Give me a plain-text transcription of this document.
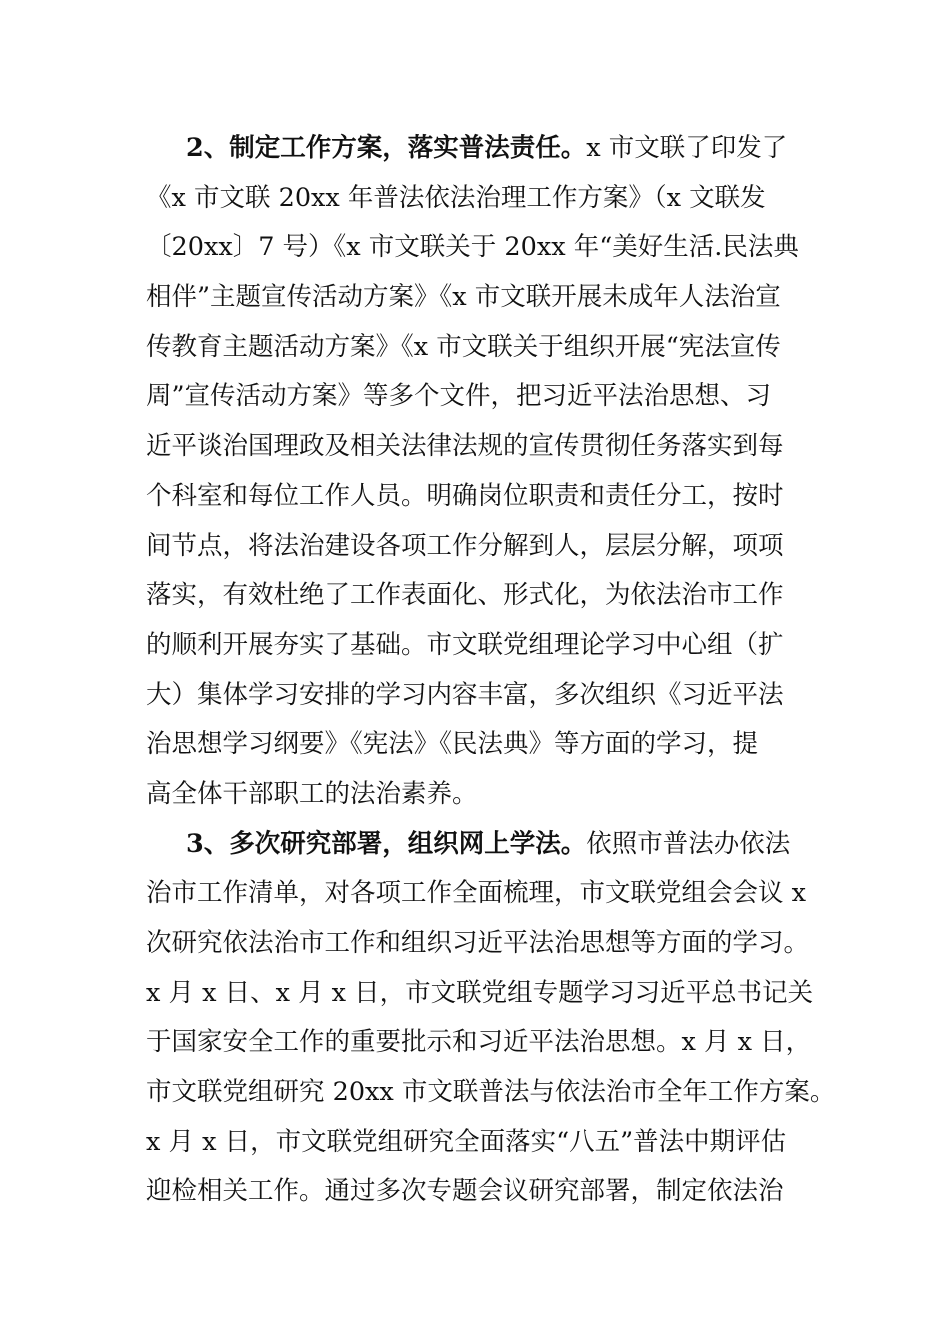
2、制定工作方案，落实普法责任。x 市文联了印发了
《x 市文联 20xx 年普法依法治理工作方案》（x 文联发
〔20xx〕7 号）《x 市文联关于 20xx 年“美好生活.民法典
相伴”主题宣传活动方案》《x 市文联开展未成年人法治宣
传教育主题活动方案》《x 市文联关于组织开展“宪法宣传
周”宣传活动方案》等多个文件，把习近平法治思想、习
近平谈治国理政及相关法律法规的宣传贯彻任务落实到每
个科室和每位工作人员。明确岗位职责和责任分工，按时
间节点，将法治建设各项工作分解到人，层层分解，项项
落实，有效杜绝了工作表面化、形式化，为依法治市工作
的顺利开展夯实了基础。市文联党组理论学习中心组（扩
大）集体学习安排的学习内容丰富，多次组织《习近平法
治思想学习纲要》《宪法》《民法典》等方面的学习，提
高全体干部职工的法治素养。
3、多次研究部署，组织网上学法。依照市普法办依法
治市工作清单，对各项工作全面梳理，市文联党组会会议 x
次研究依法治市工作和组织习近平法治思想等方面的学习。
x 月 x 日、x 月 x 日，市文联党组专题学习习近平总书记关
于国家安全工作的重要批示和习近平法治思想。x 月 x 日，
市文联党组研究 20xx 市文联普法与依法治市全年工作方案。
x 月 x 日，市文联党组研究全面落实“八五”普法中期评估
迎检相关工作。通过多次专题会议研究部署，制定依法治
